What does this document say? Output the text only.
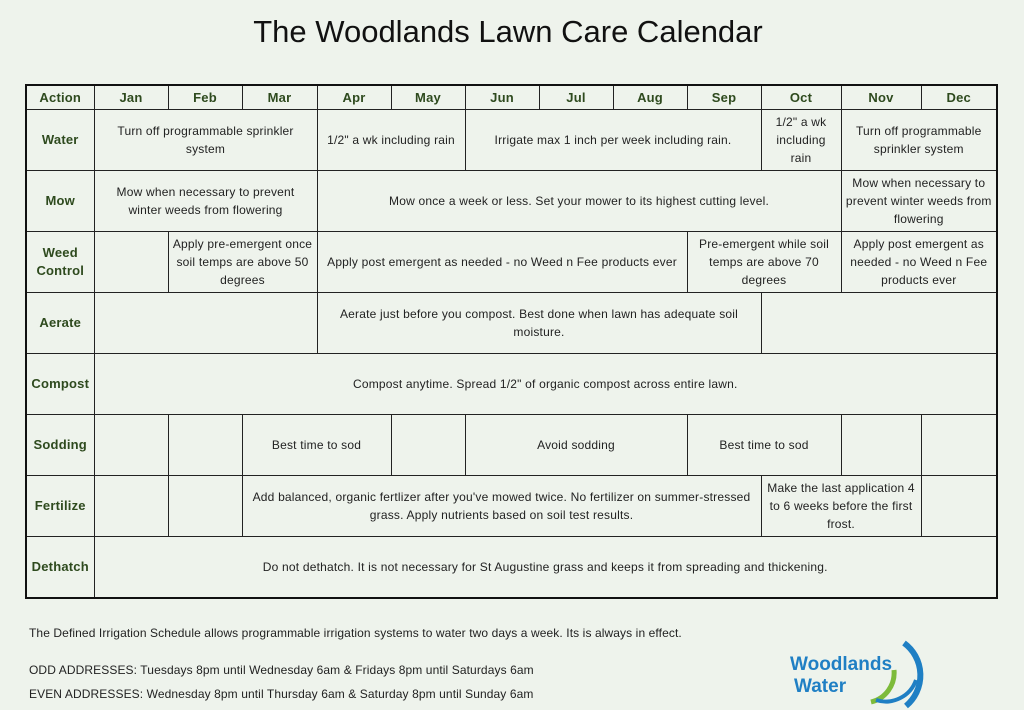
The Woodlands Lawn Care Calendar
Action	Jan	Feb	Mar	Apr	May	Jun	Jul	Aug	Sep	Oct	Nov	Dec
Water	Turn off programmable sprinkler system			1/2" a wk including rain		Irrigate max 1 inch per week including rain.				1/2" a wk including rain	Turn off programmable sprinkler system	
Mow	Mow when necessary to prevent winter weeds from flowering			Mow once a week or less. Set your mower to its highest cutting level.							Mow when necessary to prevent winter weeds from flowering	
Weed Control		Apply pre-emergent once soil temps are above 50 degrees		Apply post emergent as needed - no Weed n Fee products ever					Pre-emergent while soil temps are above 70 degrees		Apply post emergent as needed - no Weed n Fee products ever	
Aerate				Aerate just before you compost. Best done when lawn has adequate soil moisture.								
Compost	Compost anytime. Spread 1/2" of organic compost across entire lawn.											
Sodding			Best time to sod			Avoid sodding			Best time to sod			
Fertilize			Add balanced, organic fertlizer after you've mowed twice. No fertilizer on summer-stressed grass. Apply nutrients based on soil test results.							Make the last application 4 to 6 weeks before the first frost.		
Dethatch	Do not dethatch. It is not necessary for St Augustine grass and keeps it from spreading and thickening.											
The Defined Irrigation Schedule allows programmable irrigation systems to water two days a week. Its is always in effect.
ODD ADDRESSES: Tuesdays 8pm until Wednesday 6am & Fridays 8pm until Saturdays 6am
EVEN ADDRESSES: Wednesday 8pm until Thursday 6am & Saturday 8pm until Sunday 6am
Woodlands
Water
